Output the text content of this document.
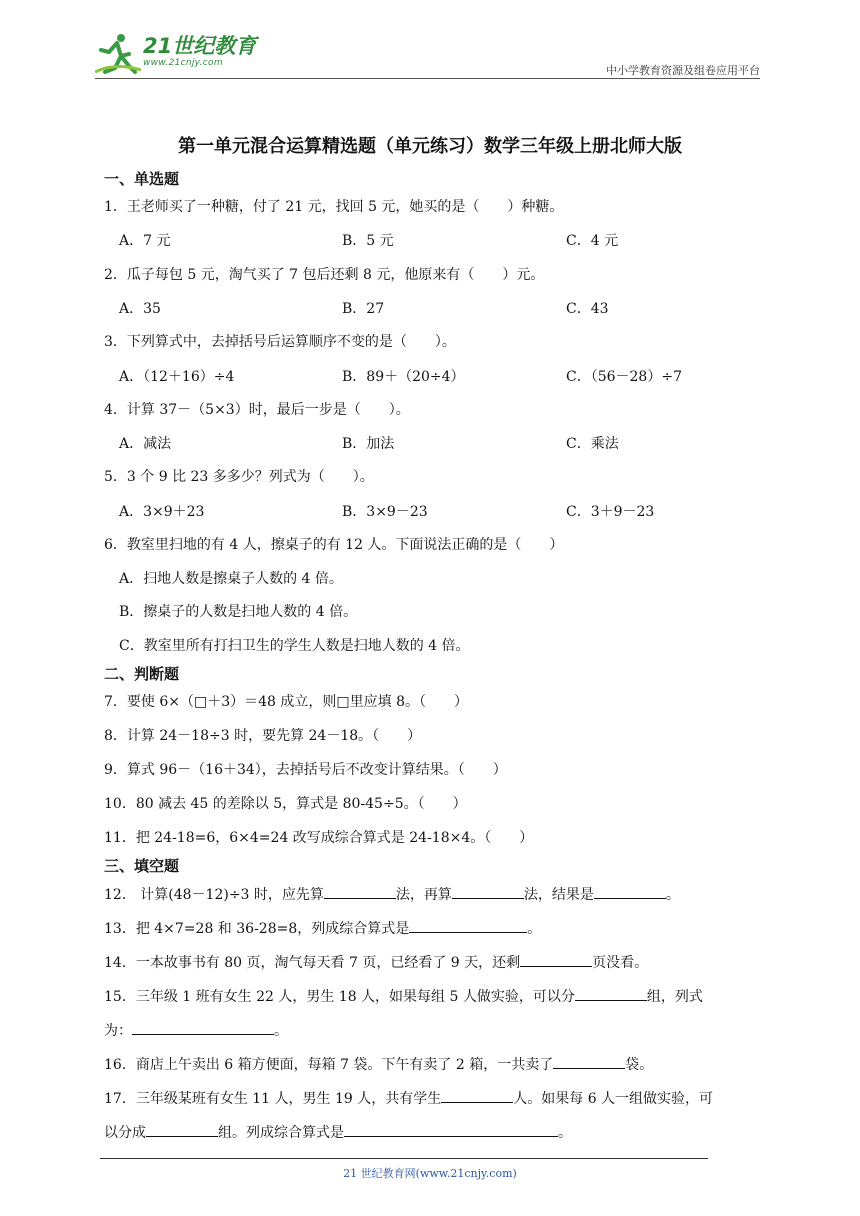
21世纪教育
www.21cnjy.com
中小学教育资源及组卷应用平台
第一单元混合运算精选题（单元练习）数学三年级上册北师大版
一、单选题
1．王老师买了一种糖，付了 21 元，找回 5 元，她买的是（　　）种糖。
A．7 元	B．5 元	C．4 元
2．瓜子每包 5 元，淘气买了 7 包后还剩 8 元，他原来有（　　）元。
A．35	B．27	C．43
3．下列算式中，去掉括号后运算顺序不变的是（　　）。
A．（12＋16）÷4	B．89＋（20÷4）	C．（56－28）÷7
4．计算 37－（5×3）时，最后一步是（　　）。
A．减法	B．加法	C．乘法
5．3 个 9 比 23 多多少？列式为（　　）。
A．3×9＋23	B．3×9－23	C．3＋9－23
6．教室里扫地的有 4 人，擦桌子的有 12 人。下面说法正确的是（　　）
A．扫地人数是擦桌子人数的 4 倍。
B．擦桌子的人数是扫地人数的 4 倍。
C．教室里所有打扫卫生的学生人数是扫地人数的 4 倍。
二、判断题
7．要使 6×（□＋3）＝48 成立，则□里应填 8。（　　）
8．计算 24－18÷3 时，要先算 24－18。（　　）
9．算式 96－（16＋34），去掉括号后不改变计算结果。（　　）
10．80 减去 45 的差除以 5，算式是 80-45÷5。（　　）
11．把 24-18=6，6×4=24 改写成综合算式是 24-18×4。（　　）
三、填空题
12． 计算(48－12)÷3 时，应先算	法，再算	法，结果是	。
13．把 4×7=28 和 36-28=8，列成综合算式是	。
14．一本故事书有 80 页，淘气每天看 7 页，已经看了 9 天，还剩	页没看。
15．三年级 1 班有女生 22 人，男生 18 人，如果每组 5 人做实验，可以分	组，列式
为：	。
16．商店上午卖出 6 箱方便面，每箱 7 袋。下午有卖了 2 箱，一共卖了	袋。
17．三年级某班有女生 11 人，男生 19 人，共有学生	人。如果每 6 人一组做实验，可
以分成	组。列成综合算式是	。
21 世纪教育网(www.21cnjy.com)
